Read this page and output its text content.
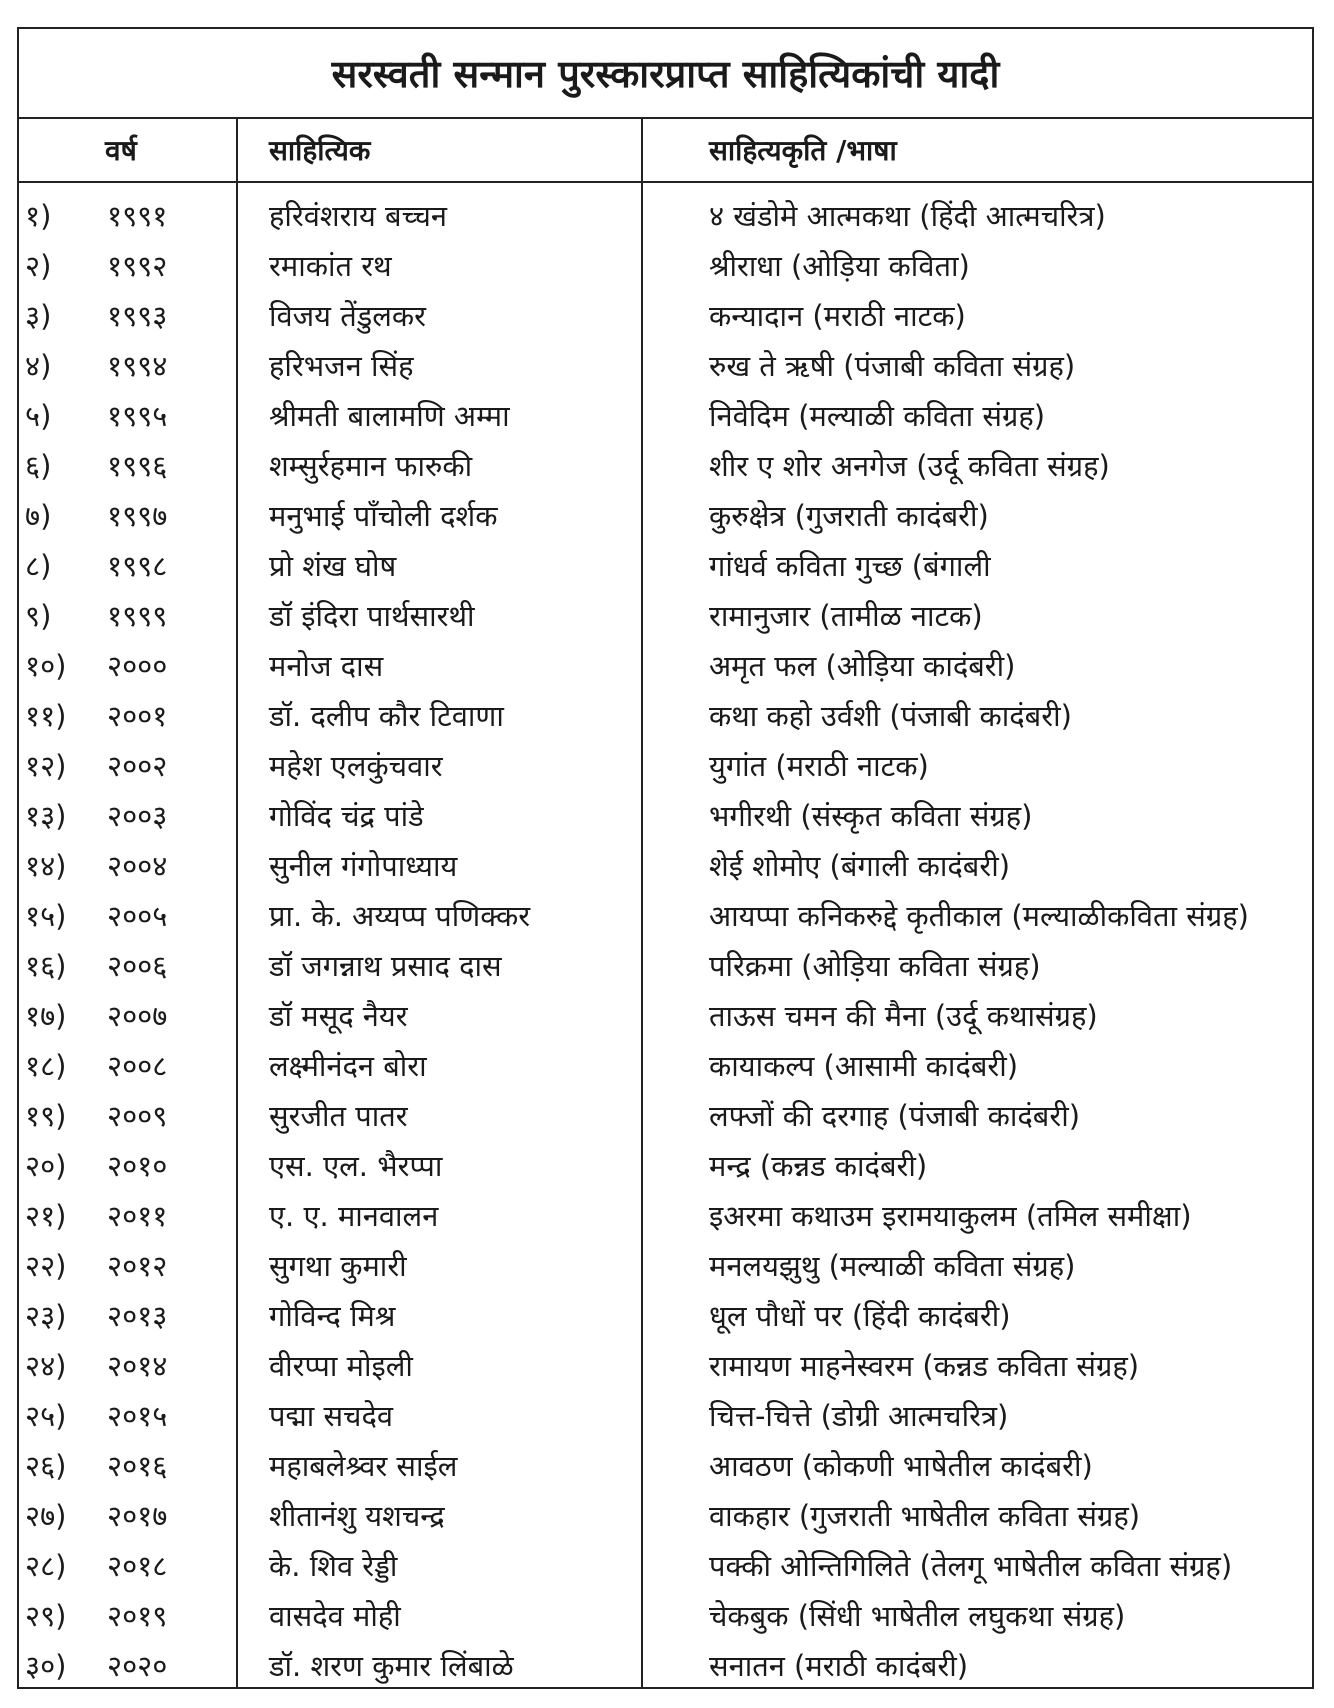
सरस्वती सन्मान पुरस्कारप्राप्त साहित्यिकांची यादी
वर्ष	साहित्यिक	साहित्यकृति /भाषा
१) १९९१	हरिवंशराय बच्चन	४ खंडोमे आत्मकथा (हिंदी आत्मचरित्र)
२) १९९२	रमाकांत रथ	श्रीराधा (ओड़िया कविता)
३) १९९३	विजय तेंडुलकर	कन्यादान (मराठी नाटक)
४) १९९४	हरिभजन सिंह	रुख ते ऋषी (पंजाबी कविता संग्रह)
५) १९९५	श्रीमती बालामणि अम्मा	निवेदिम (मल्याळी कविता संग्रह)
६) १९९६	शम्सुर्रहमान फारुकी	शीर ए शोर अनगेज (उर्दू कविता संग्रह)
७) १९९७	मनुभाई पाँचोली दर्शक	कुरुक्षेत्र (गुजराती कादंबरी)
८) १९९८	प्रो शंख घोष	गांधर्व कविता गुच्छ (बंगाली
९) १९९९	डॉ इंदिरा पार्थसारथी	रामानुजार (तामीळ नाटक)
१०) २०००	मनोज दास	अमृत फल (ओड़िया कादंबरी)
११) २००१	डॉ. दलीप कौर टिवाणा	कथा कहो उर्वशी (पंजाबी कादंबरी)
१२) २००२	महेश एलकुंचवार	युगांत (मराठी नाटक)
१३) २००३	गोविंद चंद्र पांडे	भगीरथी (संस्कृत कविता संग्रह)
१४) २००४	सुनील गंगोपाध्याय	शेई शोमोए (बंगाली कादंबरी)
१५) २००५	प्रा. के. अय्यप्प पणिक्कर	आयप्पा कनिकरुद्दे कृतीकाल (मल्याळीकविता संग्रह)
१६) २००६	डॉ जगन्नाथ प्रसाद दास	परिक्रमा (ओड़िया कविता संग्रह)
१७) २००७	डॉ मसूद नैयर	ताऊस चमन की मैना (उर्दू कथासंग्रह)
१८) २००८	लक्ष्मीनंदन बोरा	कायाकल्प (आसामी कादंबरी)
१९) २००९	सुरजीत पातर	लफ्जों की दरगाह (पंजाबी कादंबरी)
२०) २०१०	एस. एल. भैरप्पा	मन्द्र (कन्नड कादंबरी)
२१) २०११	ए. ए. मानवालन	इअरमा कथाउम इरामयाकुलम (तमिल समीक्षा)
२२) २०१२	सुगथा कुमारी	मनलयझुथु (मल्याळी कविता संग्रह)
२३) २०१३	गोविन्द मिश्र	धूल पौधों पर (हिंदी कादंबरी)
२४) २०१४	वीरप्पा मोइली	रामायण माहनेस्वरम (कन्नड कविता संग्रह)
२५) २०१५	पद्मा सचदेव	चित्त-चित्ते (डोग्री आत्मचरित्र)
२६) २०१६	महाबलेश्र्वर साईल	आवठण (कोकणी भाषेतील कादंबरी)
२७) २०१७	शीतानंशु यशचन्द्र	वाकहार (गुजराती भाषेतील कविता संग्रह)
२८) २०१८	के. शिव रेड्डी	पक्की ओन्तिगिलिते (तेलगू भाषेतील कविता संग्रह)
२९) २०१९	वासदेव मोही	चेकबुक (सिंधी भाषेतील लघुकथा संग्रह)
३०) २०२०	डॉ. शरण कुमार लिंबाळे	सनातन (मराठी कादंबरी)
